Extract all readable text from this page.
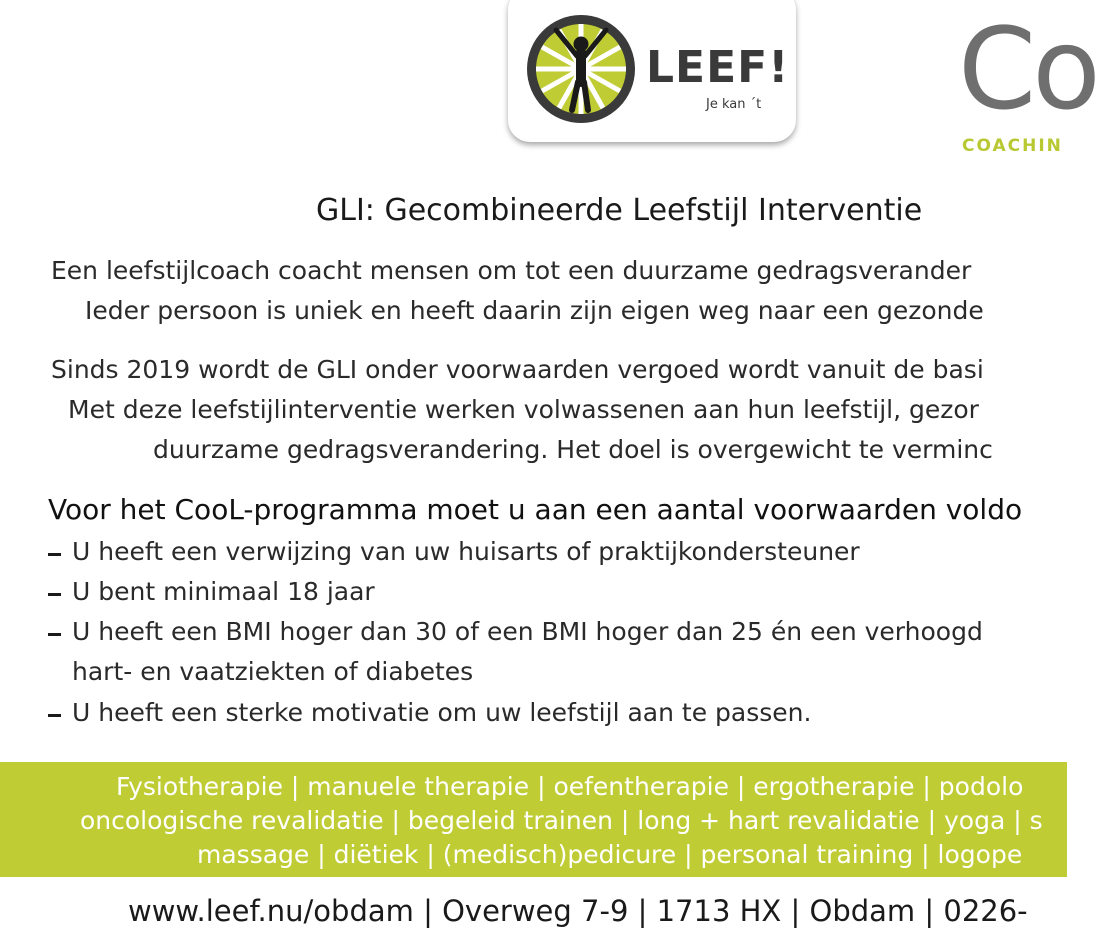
LEEF!
Je kan ´t Co
COACHIN
GLI: Gecombineerde Leefstijl Interventie
Een leefstijlcoach coacht mensen om tot een duurzame gedragsverander
Ieder persoon is uniek en heeft daarin zijn eigen weg naar een gezonde
Sinds 2019 wordt de GLI onder voorwaarden vergoed wordt vanuit de basi
Met deze leefstijlinterventie werken volwassenen aan hun leefstijl, gezor
duurzame gedragsverandering. Het doel is overgewicht te verminc
Voor het CooL-programma moet u aan een aantal voorwaarden voldo
U heeft een verwijzing van uw huisarts of praktijkondersteuner
U bent minimaal 18 jaar
U heeft een BMI hoger dan 30 of een BMI hoger dan 25 én een verhoogd
hart- en vaatziekten of diabetes
U heeft een sterke motivatie om uw leefstijl aan te passen.
Fysiotherapie | manuele therapie | oefentherapie | ergotherapie | podolo
oncologische revalidatie | begeleid trainen | long + hart revalidatie | yoga | s
massage | diëtiek | (medisch)pedicure | personal training | logope
www.leef.nu/obdam | Overweg 7-9 | 1713 HX | Obdam | 0226-
